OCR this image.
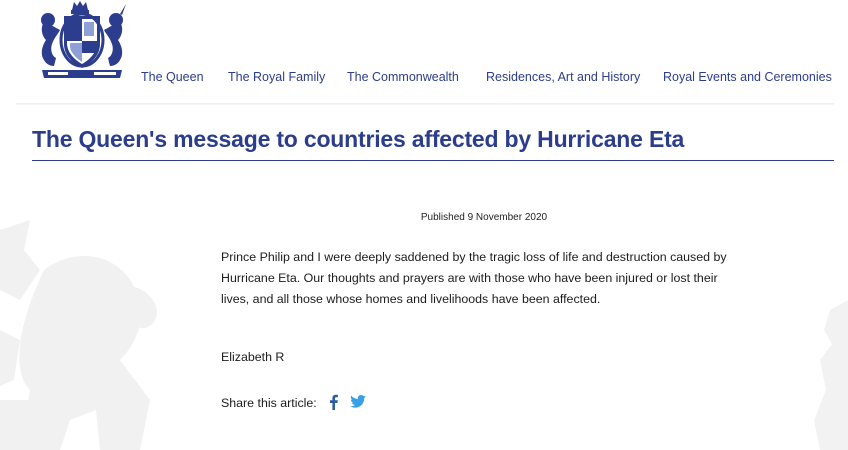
The Queen The Royal Family The Commonwealth Residences, Art and History Royal Events and Ceremonies
The Queen's message to countries affected by Hurricane Eta
Published 9 November 2020

Prince Philip and I were deeply saddened by the tragic loss of life and destruction caused by Hurricane Eta. Our thoughts and prayers are with those who have been injured or lost their lives, and all those whose homes and livelihoods have been affected.

Elizabeth R

Share this article:
